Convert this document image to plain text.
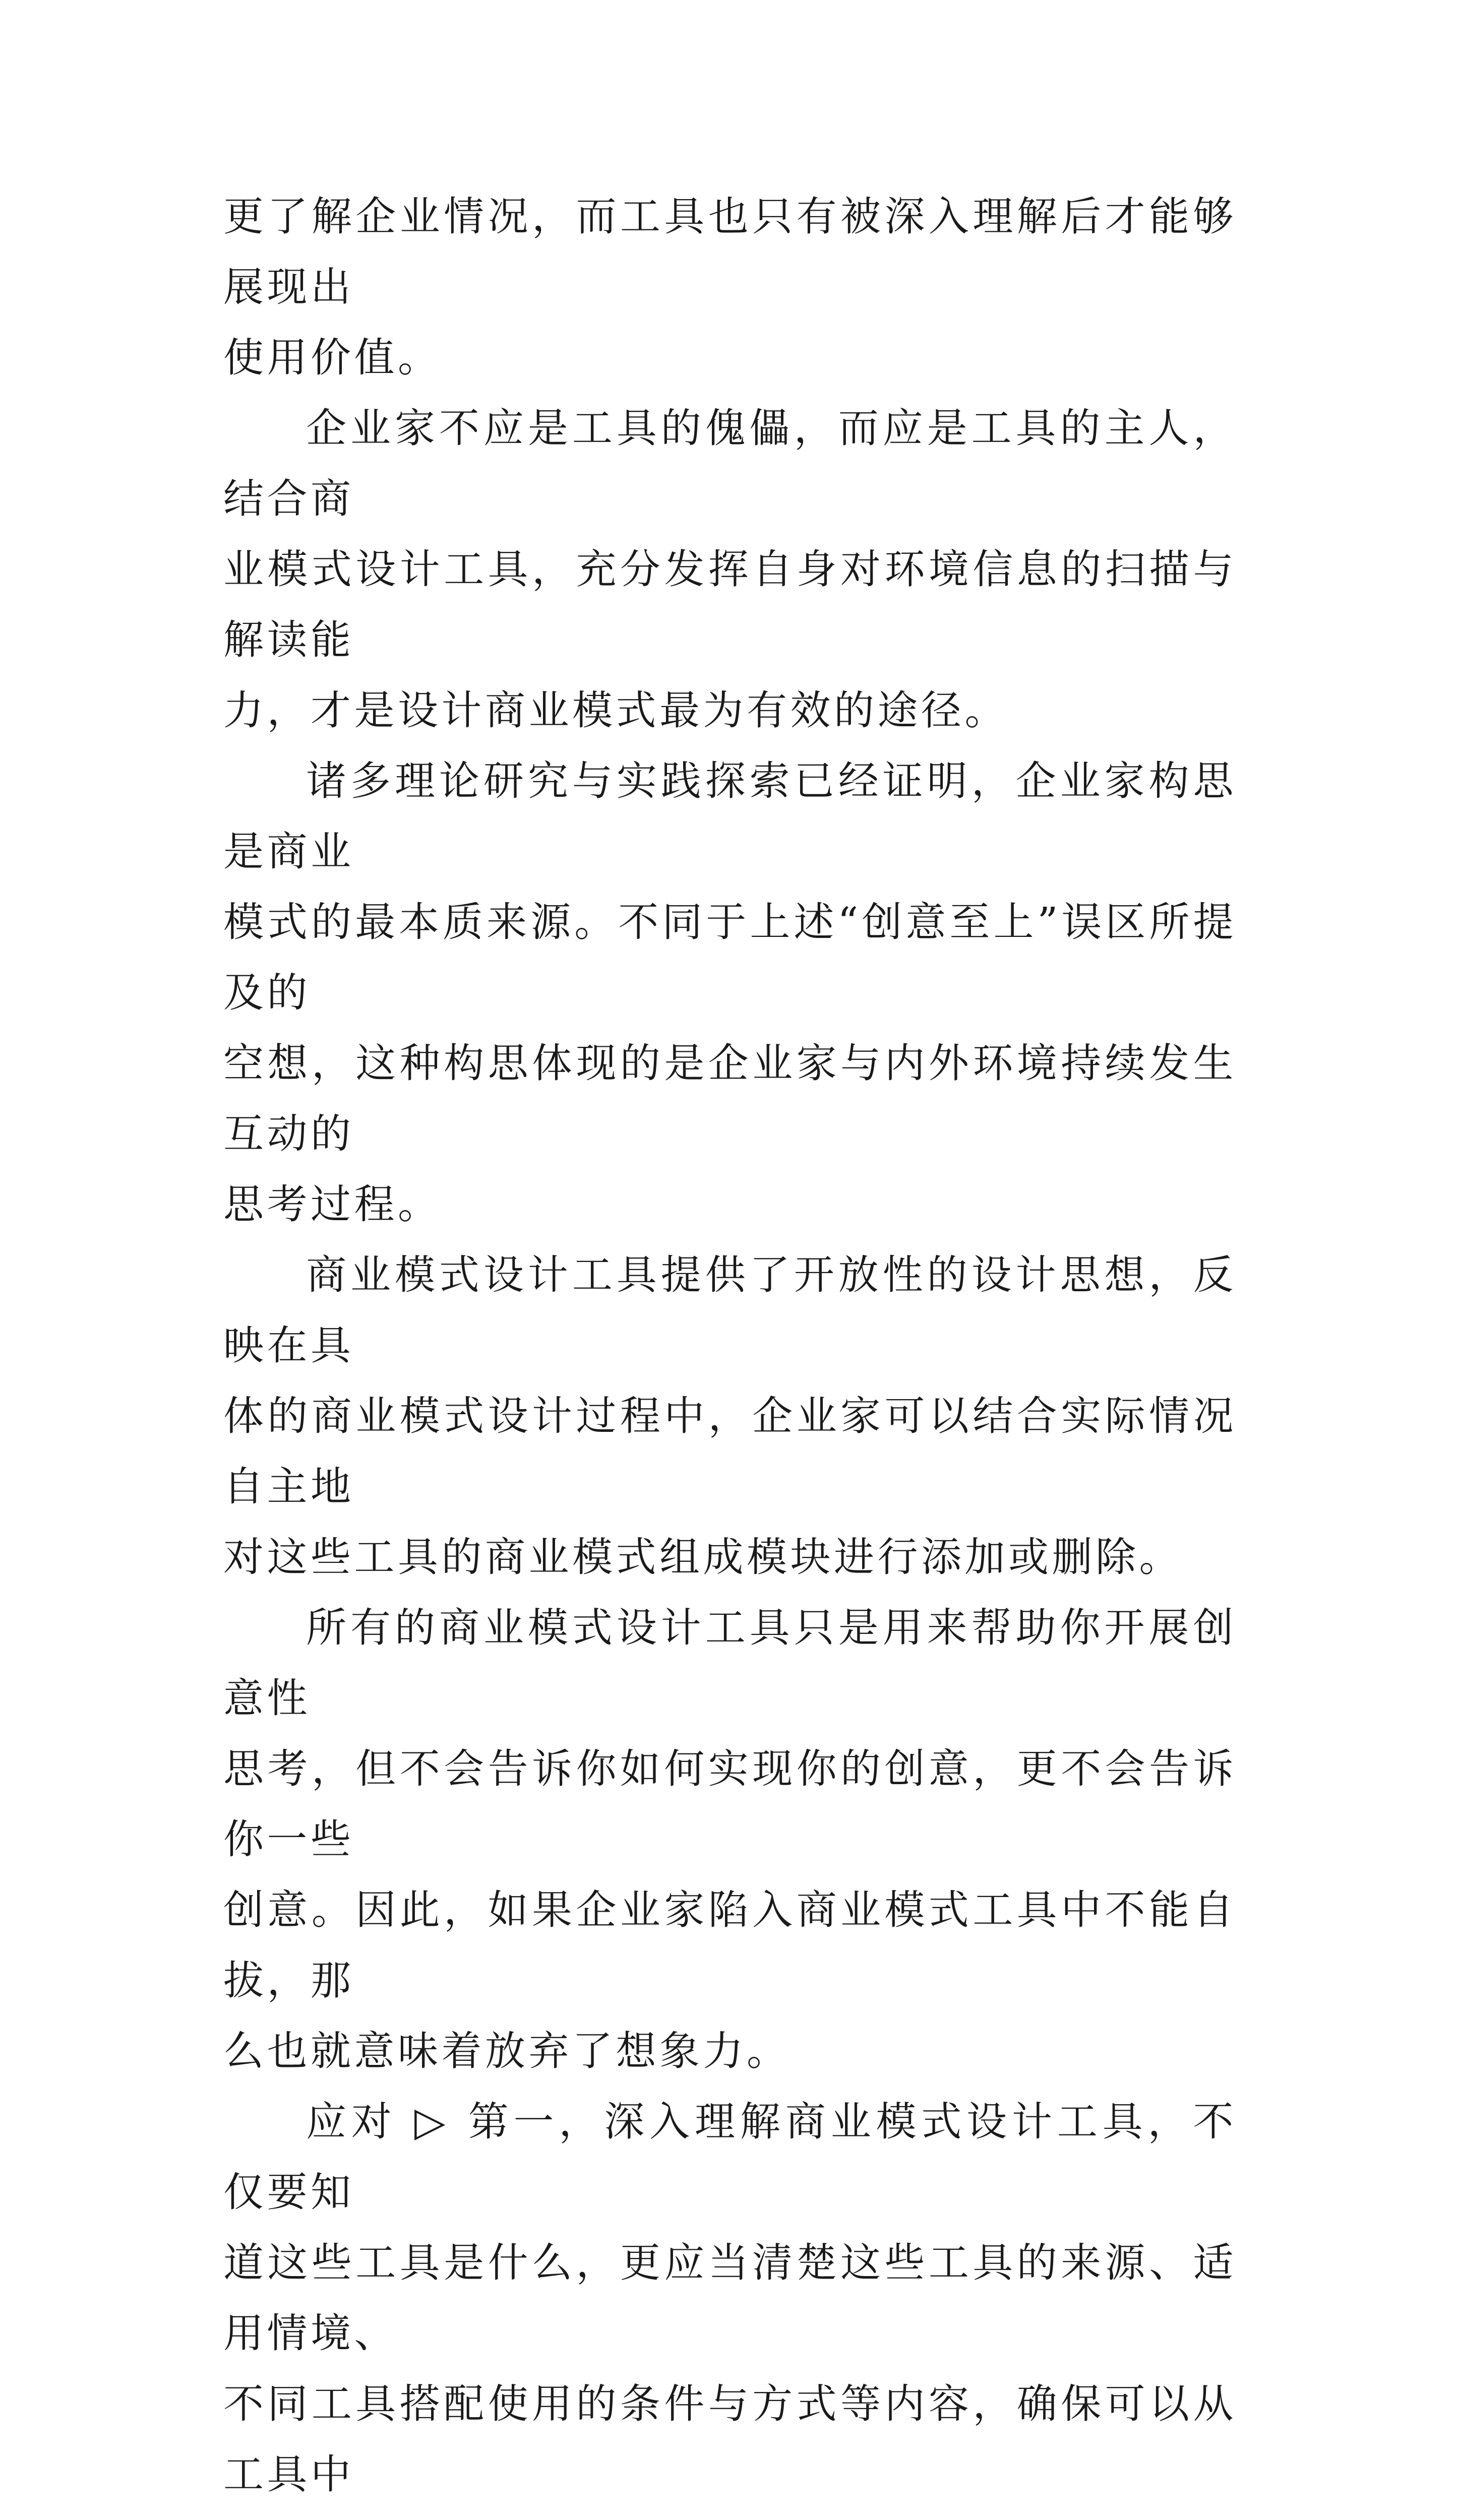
更了解企业情况，而工具也只有被深入理解后才能够展现出
使用价值。
企业家不应是工具的傀儡，而应是工具的主人，结合商
业模式设计工具，充分发挥自身对环境信息的扫描与解读能
力，才是设计商业模式最为有效的途径。
诸多理论研究与实践探索已经证明，企业家构思是商业
模式的最本质来源。不同于上述“创意至上”误区所提及的
空想，这种构思体现的是企业家与内外环境持续发生互动的
思考过程。
商业模式设计工具提供了开放性的设计思想，反映在具
体的商业模式设计过程中，企业家可以结合实际情况自主地
对这些工具的商业模式组成模块进行添加或删除。
所有的商业模式设计工具只是用来帮助你开展创意性
思考，但不会告诉你如何实现你的创意，更不会告诉你一些
创意。因此，如果企业家陷入商业模式工具中不能自拔，那
么也就意味着放弃了想象力。
应对 ▷ 第一，深入理解商业模式设计工具，不仅要知
道这些工具是什么，更应当清楚这些工具的来源、适用情境、
不同工具搭配使用的条件与方式等内容，确保可以从工具中
